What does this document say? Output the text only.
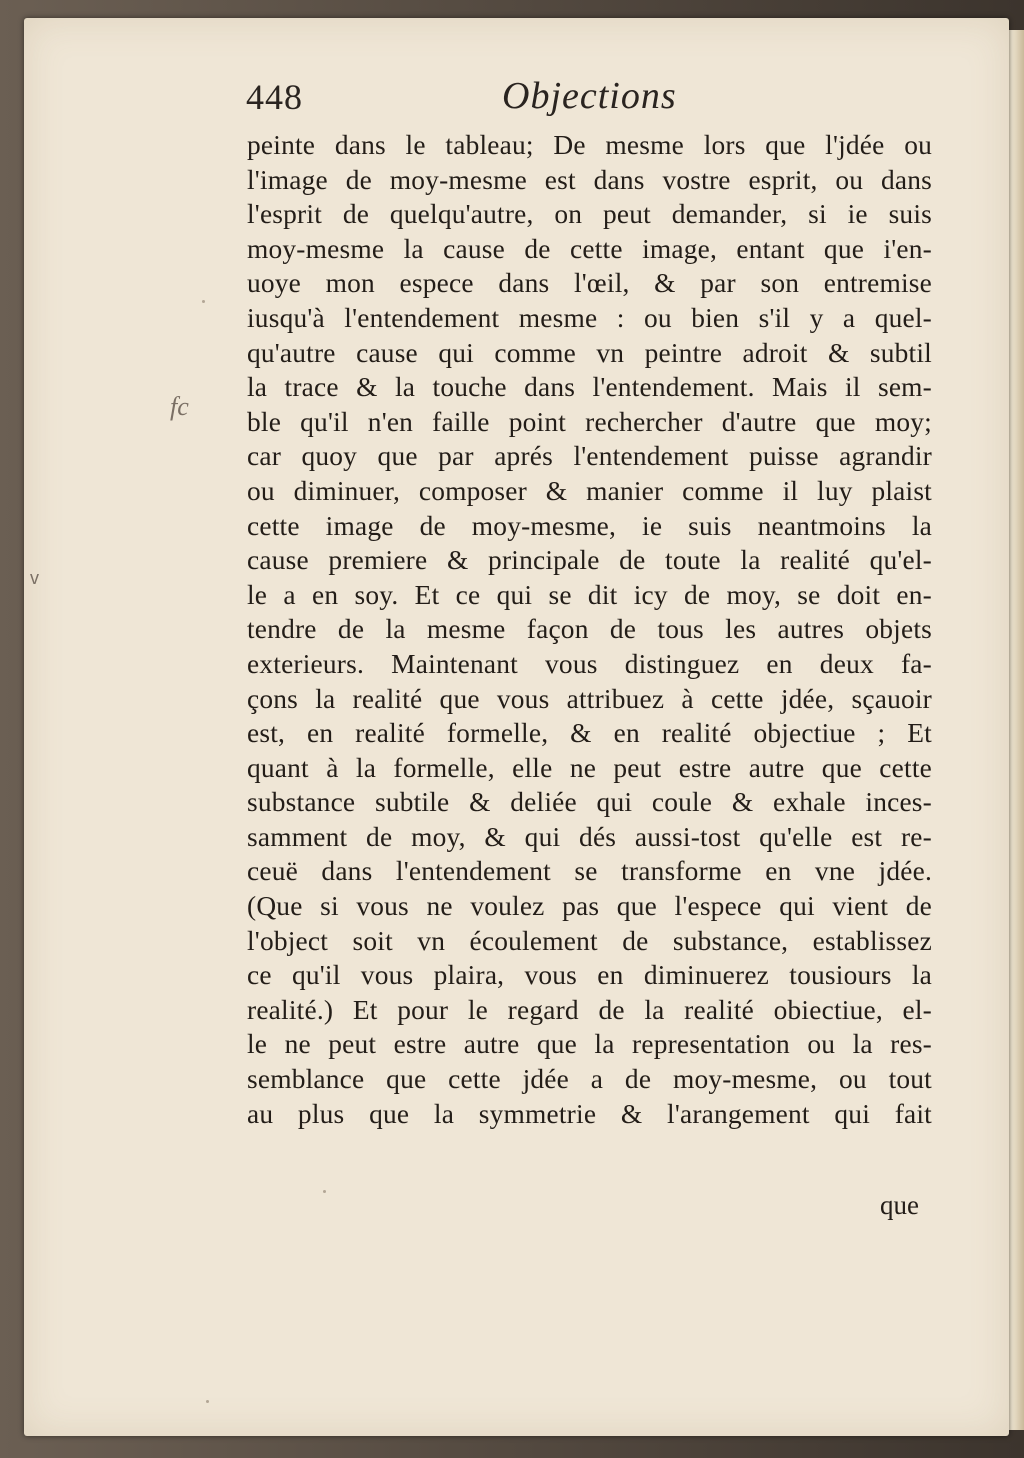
448	Objections
peinte dans le tableau; De mesme lors que l'jdée ou
l'image de moy-mesme est dans vostre esprit, ou dans
l'esprit de quelqu'autre, on peut demander, si ie suis
moy-mesme la cause de cette image, entant que i'en-
uoye mon espece dans l'œil, & par son entremise
iusqu'à l'entendement mesme : ou bien s'il y a quel-
qu'autre cause qui comme vn peintre adroit & subtil
la trace & la touche dans l'entendement. Mais il sem-
ble qu'il n'en faille point rechercher d'autre que moy;
car quoy que par aprés l'entendement puisse agrandir
ou diminuer, composer & manier comme il luy plaist
cette image de moy-mesme, ie suis neantmoins la
cause premiere & principale de toute la realité qu'el-
le a en soy. Et ce qui se dit icy de moy, se doit en-
tendre de la mesme façon de tous les autres objets
exterieurs. Maintenant vous distinguez en deux fa-
çons la realité que vous attribuez à cette jdée, sçauoir
est, en realité formelle, & en realité objectiue ; Et
quant à la formelle, elle ne peut estre autre que cette
substance subtile & deliée qui coule & exhale inces-
samment de moy, & qui dés aussi-tost qu'elle est re-
ceuë dans l'entendement se transforme en vne jdée.
(Que si vous ne voulez pas que l'espece qui vient de
l'object soit vn écoulement de substance, establissez
ce qu'il vous plaira, vous en diminuerez tousiours la
realité.) Et pour le regard de la realité obiectiue, el-
le ne peut estre autre que la representation ou la res-
semblance que cette jdée a de moy-mesme, ou tout
au plus que la symmetrie & l'arangement qui fait
que
fc
v
